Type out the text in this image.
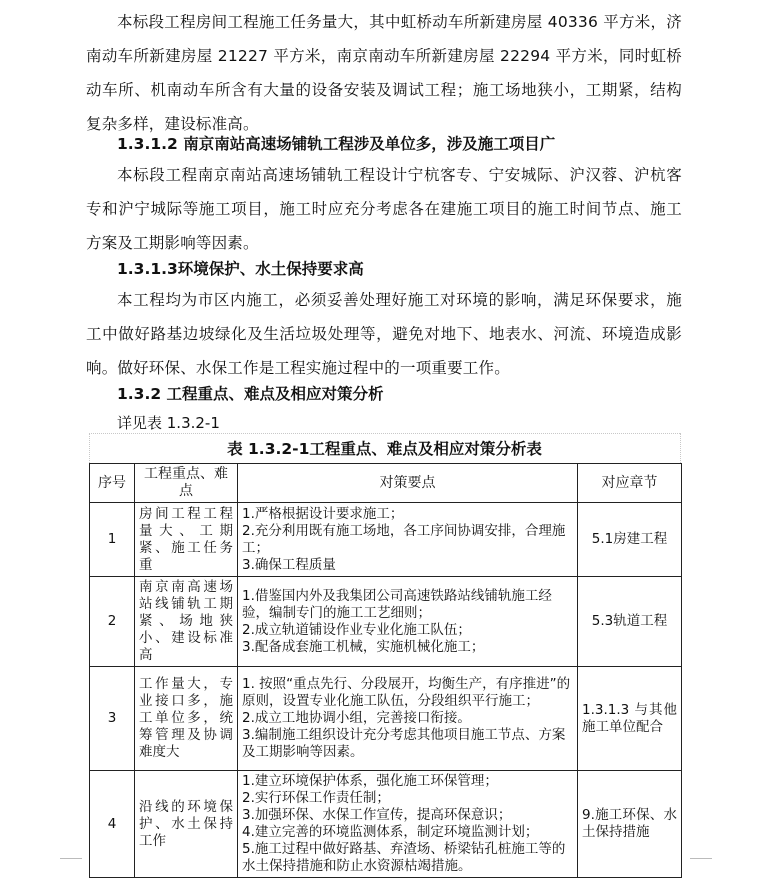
本标段工程房间工程施工任务量大，其中虹桥动车所新建房屋 40336 平方米，济南动车所新建房屋 21227 平方米，南京南动车所新建房屋 22294 平方米，同时虹桥动车所、机南动车所含有大量的设备安装及调试工程；施工场地狭小，工期紧，结构复杂多样，建设标准高。

1.3.1.2 南京南站高速场铺轨工程涉及单位多，涉及施工项目广

本标段工程南京南站高速场铺轨工程设计宁杭客专、宁安城际、沪汉蓉、沪杭客专和沪宁城际等施工项目，施工时应充分考虑各在建施工项目的施工时间节点、施工方案及工期影响等因素。

1.3.1.3环境保护、水土保持要求高

本工程均为市区内施工，必须妥善处理好施工对环境的影响，满足环保要求，施工中做好路基边坡绿化及生活垃圾处理等，避免对地下、地表水、河流、环境造成影响。做好环保、水保工作是工程实施过程中的一项重要工作。

1.3.2 工程重点、难点及相应对策分析
详见表 1.3.2-1
表 1.3.2-1工程重点、难点及相应对策分析表
序号	工程重点、难点	对策要点	对应章节
1	房间工程工程量大、工期紧、施工任务重	1.严格根据设计要求施工；
2.充分利用既有施工场地，各工序间协调安排，合理施工；
3.确保工程质量	5.1房建工程
2	南京南高速场站线铺轨工期紧、场地狭小、建设标准高	1.借鉴国内外及我集团公司高速铁路站线铺轨施工经验，编制专门的施工工艺细则；
2.成立轨道铺设作业专业化施工队伍；
3.配备成套施工机械，实施机械化施工；	5.3轨道工程
3	工作量大，专业接口多，施工单位多，统筹管理及协调难度大	1. 按照“重点先行、分段展开，均衡生产，有序推进”的原则，设置专业化施工队伍，分段组织平行施工；
2.成立工地协调小组，完善接口衔接。
3.编制施工组织设计充分考虑其他项目施工节点、方案及工期影响等因素。	1.3.1.3 与其他施工单位配合
4	沿线的环境保护、水土保持工作	1.建立环境保护体系，强化施工环保管理；
2.实行环保工作责任制；
3.加强环保、水保工作宣传，提高环保意识；
4.建立完善的环境监测体系，制定环境监测计划；
5.施工过程中做好路基、弃渣场、桥梁钻孔桩施工等的水土保持措施和防止水资源枯竭措施。	9.施工环保、水土保持措施
